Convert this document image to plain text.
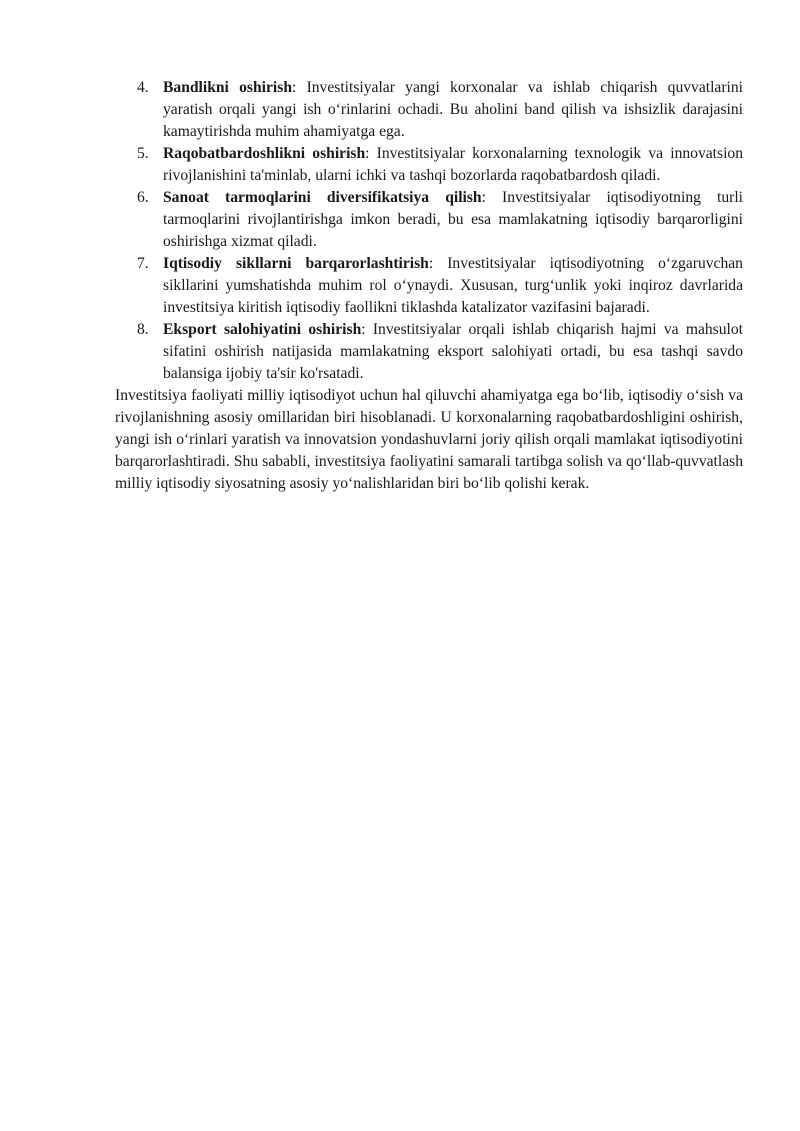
4. Bandlikni oshirish: Investitsiyalar yangi korxonalar va ishlab chiqarish quvvatlarini yaratish orqali yangi ish oʻrinlarini ochadi. Bu aholini band qilish va ishsizlik darajasini kamaytirishda muhim ahamiyatga ega.
5. Raqobatbardoshlikni oshirish: Investitsiyalar korxonalarning texnologik va innovatsion rivojlanishini ta'minlab, ularni ichki va tashqi bozorlarda raqobatbardosh qiladi.
6. Sanoat tarmoqlarini diversifikatsiya qilish: Investitsiyalar iqtisodiyotning turli tarmoqlarini rivojlantirishga imkon beradi, bu esa mamlakatning iqtisodiy barqarorligini oshirishga xizmat qiladi.
7. Iqtisodiy sikllarni barqarorlashtirish: Investitsiyalar iqtisodiyotning oʻzgaruvchan sikllarini yumshatishda muhim rol oʻynaydi. Xususan, turgʻunlik yoki inqiroz davrlarida investitsiya kiritish iqtisodiy faollikni tiklashda katalizator vazifasini bajaradi.
8. Eksport salohiyatini oshirish: Investitsiyalar orqali ishlab chiqarish hajmi va mahsulot sifatini oshirish natijasida mamlakatning eksport salohiyati ortadi, bu esa tashqi savdo balansiga ijobiy ta'sir ko'rsatadi.

Investitsiya faoliyati milliy iqtisodiyot uchun hal qiluvchi ahamiyatga ega boʻlib, iqtisodiy oʻsish va rivojlanishning asosiy omillaridan biri hisoblanadi. U korxonalarning raqobatbardoshligini oshirish, yangi ish oʻrinlari yaratish va innovatsion yondashuvlarni joriy qilish orqali mamlakat iqtisodiyotini barqarorlashtiradi. Shu sababli, investitsiya faoliyatini samarali tartibga solish va qoʻllab-quvvatlash milliy iqtisodiy siyosatning asosiy yoʻnalishlaridan biri boʻlib qolishi kerak.
